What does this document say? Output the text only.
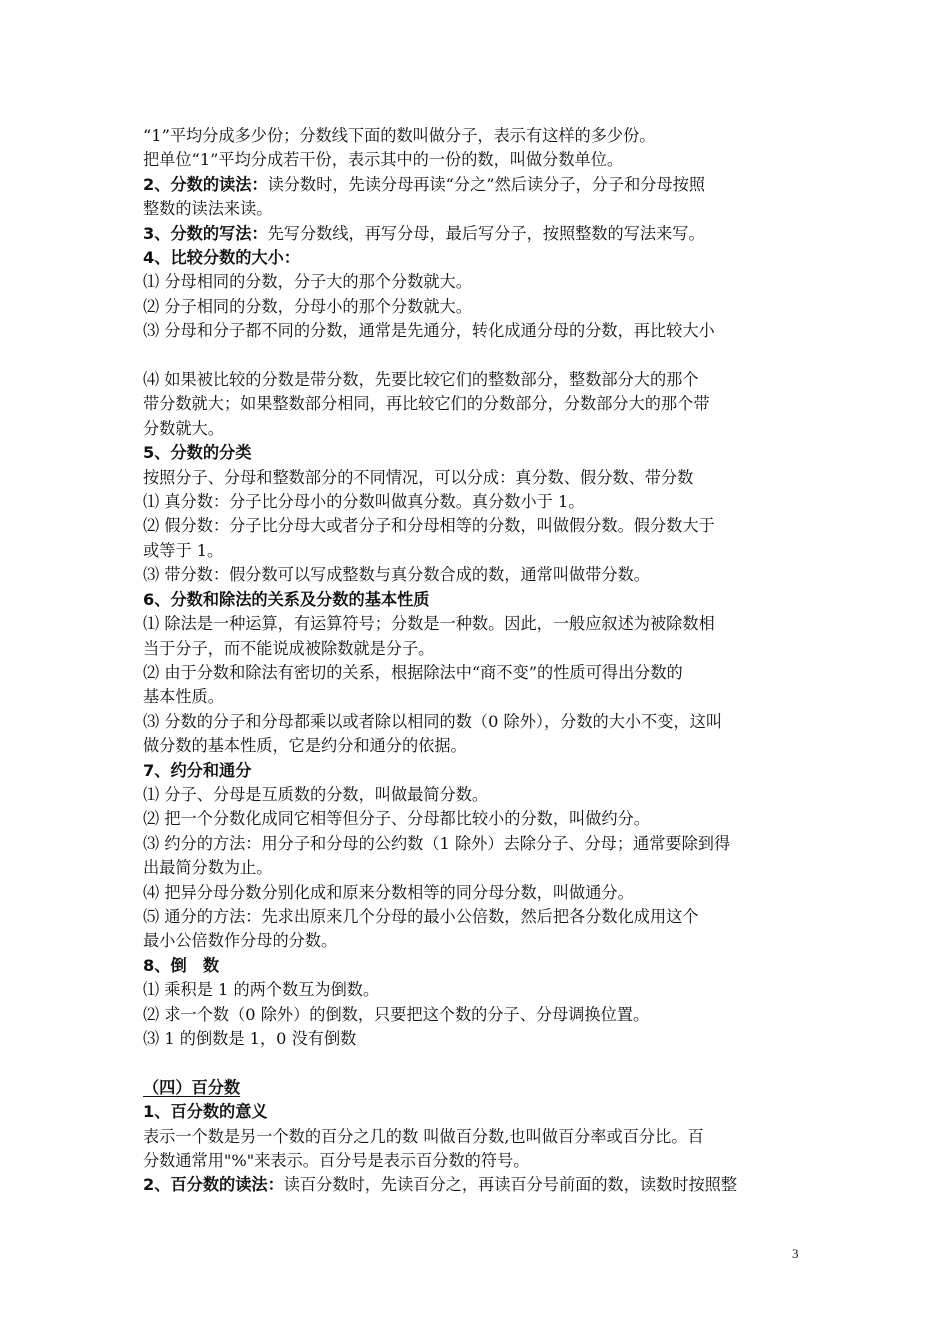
“1”平均分成多少份；分数线下面的数叫做分子，表示有这样的多少份。
把单位“1”平均分成若干份，表示其中的一份的数，叫做分数单位。
2、分数的读法：读分数时，先读分母再读“分之”然后读分子，分子和分母按照
整数的读法来读。
3、分数的写法：先写分数线，再写分母，最后写分子，按照整数的写法来写。
4、比较分数的大小：
⑴ 分母相同的分数，分子大的那个分数就大。
⑵ 分子相同的分数，分母小的那个分数就大。
⑶ 分母和分子都不同的分数，通常是先通分，转化成通分母的分数，再比较大小
⑷ 如果被比较的分数是带分数，先要比较它们的整数部分，整数部分大的那个
带分数就大；如果整数部分相同，再比较它们的分数部分，分数部分大的那个带
分数就大。
5、分数的分类
按照分子、分母和整数部分的不同情况，可以分成：真分数、假分数、带分数
⑴ 真分数：分子比分母小的分数叫做真分数。真分数小于 1。
⑵ 假分数：分子比分母大或者分子和分母相等的分数，叫做假分数。假分数大于
或等于 1。
⑶ 带分数：假分数可以写成整数与真分数合成的数，通常叫做带分数。
6、分数和除法的关系及分数的基本性质
⑴ 除法是一种运算，有运算符号；分数是一种数。因此，一般应叙述为被除数相
当于分子，而不能说成被除数就是分子。
⑵ 由于分数和除法有密切的关系，根据除法中“商不变”的性质可得出分数的
基本性质。
⑶ 分数的分子和分母都乘以或者除以相同的数（0 除外），分数的大小不变，这叫
做分数的基本性质，它是约分和通分的依据。
7、约分和通分
⑴ 分子、分母是互质数的分数，叫做最简分数。
⑵ 把一个分数化成同它相等但分子、分母都比较小的分数，叫做约分。
⑶ 约分的方法：用分子和分母的公约数（1 除外）去除分子、分母；通常要除到得
出最简分数为止。
⑷ 把异分母分数分别化成和原来分数相等的同分母分数，叫做通分。
⑸ 通分的方法：先求出原来几个分母的最小公倍数，然后把各分数化成用这个
最小公倍数作分母的分数。
8、倒　数
⑴ 乘积是 1 的两个数互为倒数。
⑵ 求一个数（0 除外）的倒数，只要把这个数的分子、分母调换位置。
⑶ 1 的倒数是 1，0 没有倒数
（四）百分数
1、百分数的意义
表示一个数是另一个数的百分之几的数 叫做百分数,也叫做百分率或百分比。百
分数通常用"%"来表示。百分号是表示百分数的符号。
2、百分数的读法：读百分数时，先读百分之，再读百分号前面的数，读数时按照整
3
